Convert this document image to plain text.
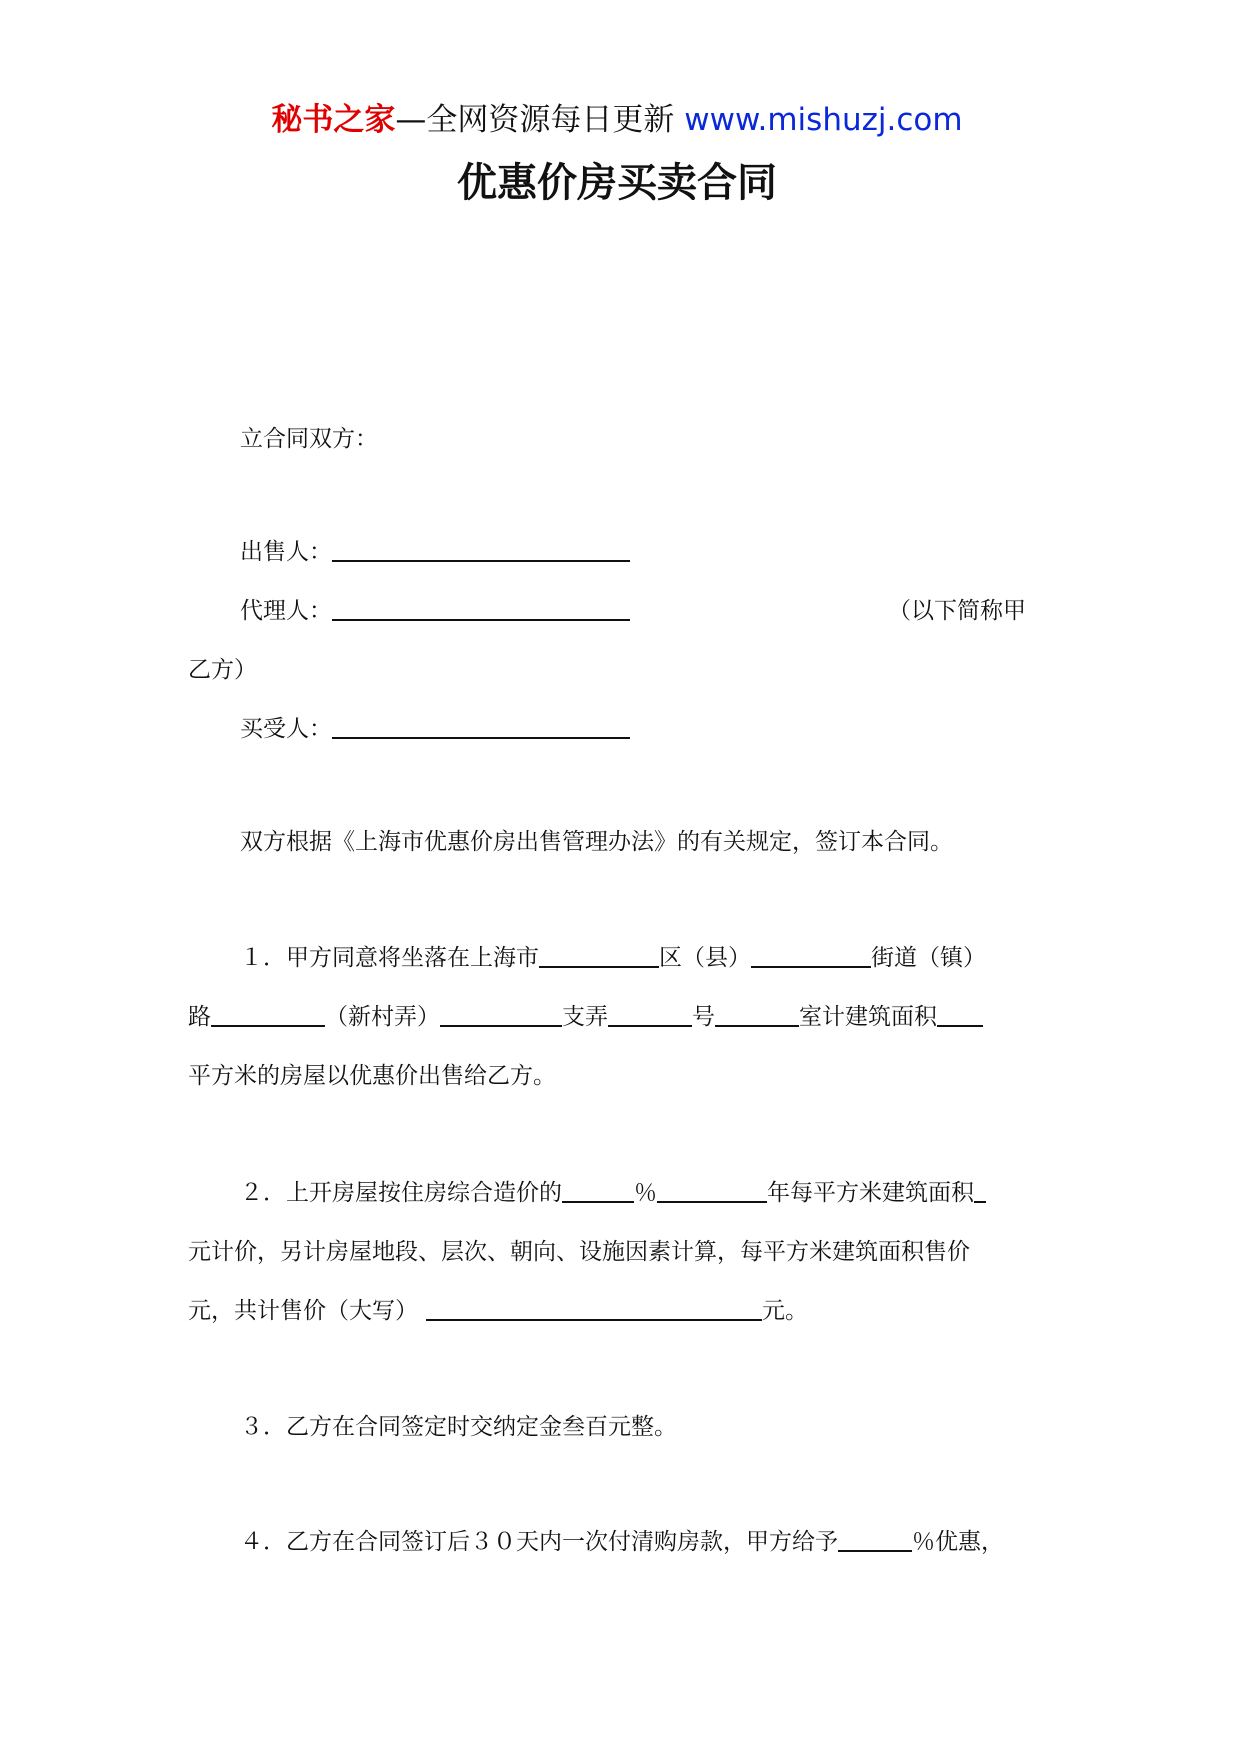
秘书之家—全网资源每日更新 www.mishuzj.com
优惠价房买卖合同
立合同双方：
出售人：
代理人：	（以下简称甲
乙方）
买受人：
双方根据《上海市优惠价房出售管理办法》的有关规定，签订本合同。
１．甲方同意将坐落在上海市	区（县）	街道（镇）
路	（新村弄）	支弄	号	室计建筑面积
平方米的房屋以优惠价出售给乙方。
２．上开房屋按住房综合造价的	％	年每平方米建筑面积
元计价，另计房屋地段、层次、朝向、设施因素计算，每平方米建筑面积售价
元，共计售价（大写）	元。
３．乙方在合同签定时交纳定金叁百元整。
４．乙方在合同签订后３０天内一次付清购房款，甲方给予	％优惠，
